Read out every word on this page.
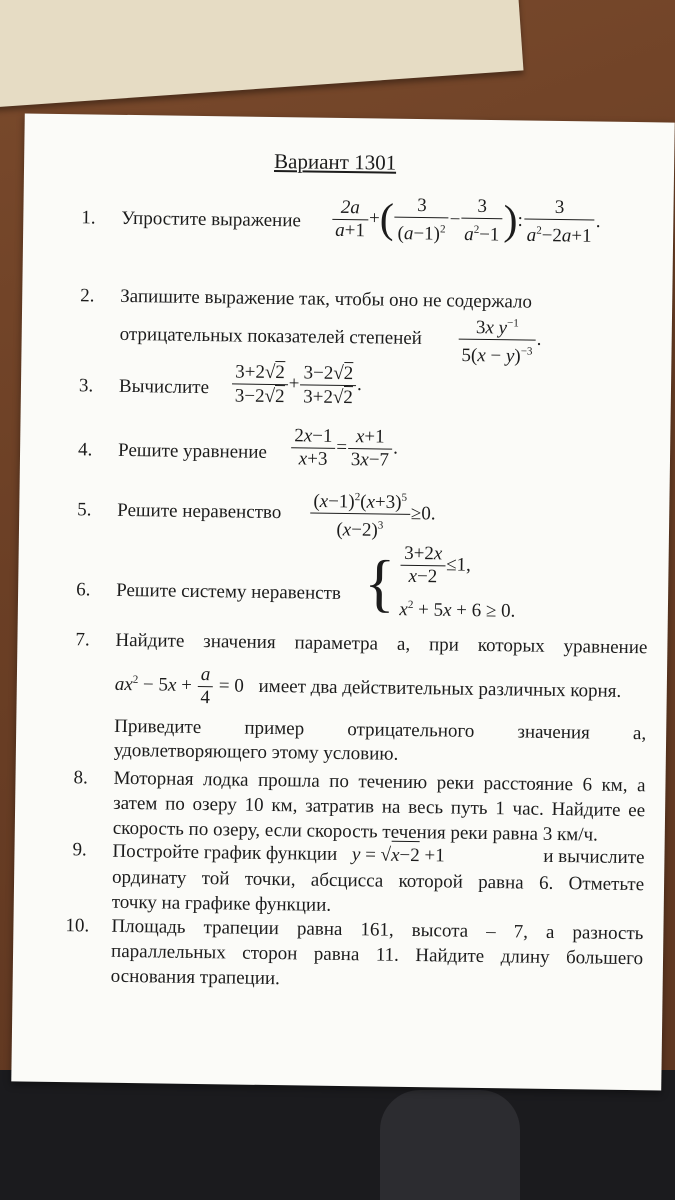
Вариант 1301
1. Упростите выражение $\frac{2a}{a+1}$ +( $\frac{3}{(a-1)^2} - \frac{3}{a^2-1}$ ): $\frac{3}{a^2-2a+1}$ .
2. Запишите выражение так, чтобы оно не содержало
отрицательных показателей степеней $\frac{3x y^{-1}}{5(x - y)^{-3}}$ .
3. Вычислите $\frac{3+2√2}{3-2√2} + \frac{3-2√2}{3+2√2}$ .
4. Решите уравнение $\frac{2x-1}{x+3} = \frac{x+1}{3x-7}$ .
5. Решите неравенство $\frac{(x-1)^2(x+3)^5}{(x-2)^3} \ge 0$.
6. Решите систему неравенств { $\frac{3+2x}{x-2} \le 1$,
$x^2 + 5x + 6 \ge 0$.
7. Найдите значения параметра a, при которых уравнение
$ax^2 - 5x + \frac{a}{4} = 0$ имеет два действительных различных корня.
Приведите пример отрицательного значения a,
удовлетворяющего этому условию.
8. Моторная лодка прошла по течению реки расстояние 6 км, а
затем по озеру 10 км, затратив на весь путь 1 час. Найдите ее
скорость по озеру, если скорость течения реки равна 3 км/ч.
9. Постройте график функции y = √x−2 +1	и вычислите
ординату той точки, абсцисса которой равна 6. Отметьте
точку на графике функции.
10. Площадь трапеции равна 161, высота – 7, а разность
параллельных сторон равна 11. Найдите длину большего
основания трапеции.
